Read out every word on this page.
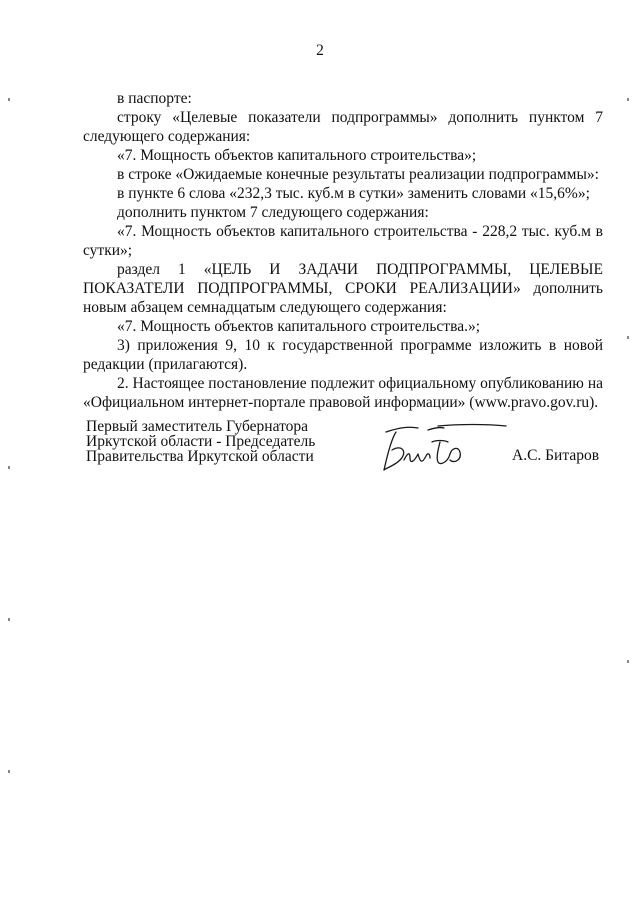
2

в паспорте:

строку «Целевые показатели подпрограммы» дополнить пунктом 7 следующего содержания:

«7. Мощность объектов капитального строительства»;

в строке «Ожидаемые конечные результаты реализации подпрограммы»:

в пункте 6 слова «232,3 тыс. куб.м в сутки» заменить словами «15,6%»;

дополнить пунктом 7 следующего содержания:

«7. Мощность объектов капитального строительства - 228,2 тыс. куб.м в сутки»;

раздел 1 «ЦЕЛЬ И ЗАДАЧИ ПОДПРОГРАММЫ, ЦЕЛЕВЫЕ ПОКАЗАТЕЛИ ПОДПРОГРАММЫ, СРОКИ РЕАЛИЗАЦИИ» дополнить новым абзацем семнадцатым следующего содержания:

«7. Мощность объектов капитального строительства.»;

3) приложения 9, 10 к государственной программе изложить в новой редакции (прилагаются).

2. Настоящее постановление подлежит официальному опубликованию на «Официальном интернет-портале правовой информации» (www.pravo.gov.ru).

Первый заместитель Губернатора

Иркутской области - Председатель

Правительства Иркутской области	А.С. Битаров
